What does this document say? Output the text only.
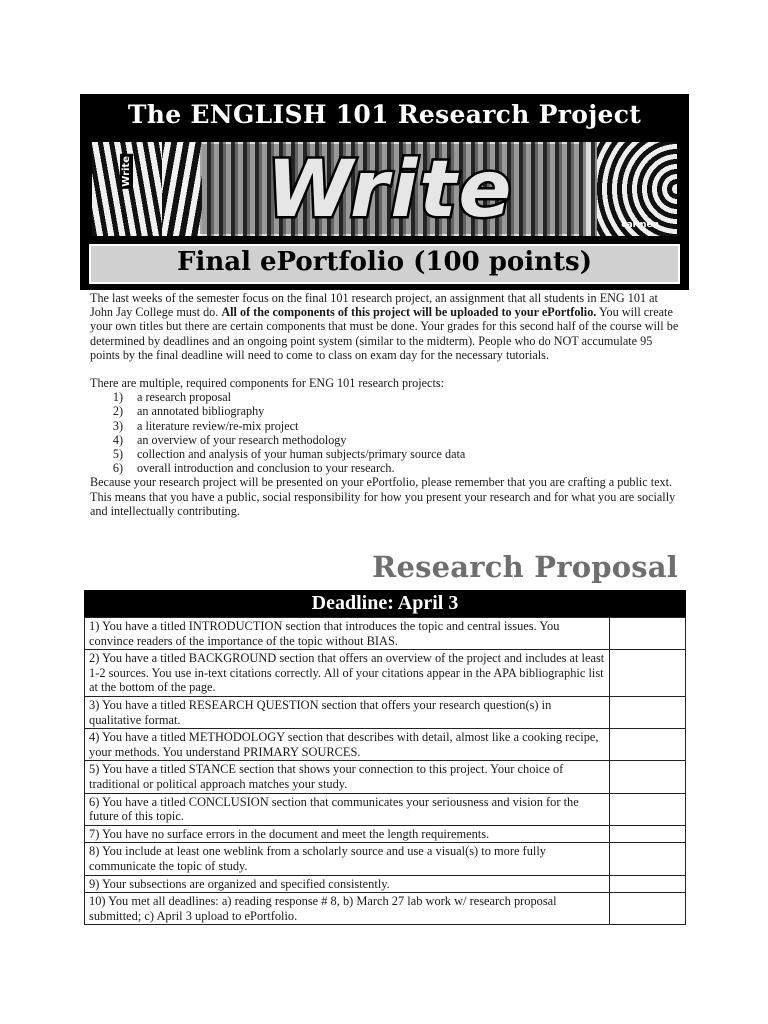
The ENGLISH 101 Research Project
Write
Write
carmen
Final ePortfolio (100 points)

The last weeks of the semester focus on the final 101 research project, an assignment that all students in ENG 101 at John Jay College must do. All of the components of this project will be uploaded to your ePortfolio. You will create your own titles but there are certain components that must be done. Your grades for this second half of the course will be determined by deadlines and an ongoing point system (similar to the midterm). People who do NOT accumulate 95 points by the final deadline will need to come to class on exam day for the necessary tutorials.

There are multiple, required components for ENG 101 research projects:

1. a research proposal
2. an annotated bibliography
3. a literature review/re-mix project
4. an overview of your research methodology
5. collection and analysis of your human subjects/primary source data
6. overall introduction and conclusion to your research.

Because your research project will be presented on your ePortfolio, please remember that you are crafting a public text. This means that you have a public, social responsibility for how you present your research and for what you are socially and intellectually contributing.

Research Proposal
Deadline: April 3
1) You have a titled INTRODUCTION section that introduces the topic and central issues. You convince readers of the importance of the topic without BIAS.	
2) You have a titled BACKGROUND section that offers an overview of the project and includes at least 1-2 sources. You use in-text citations correctly. All of your citations appear in the APA bibliographic list at the bottom of the page.	
3) You have a titled RESEARCH QUESTION section that offers your research question(s) in qualitative format.	
4) You have a titled METHODOLOGY section that describes with detail, almost like a cooking recipe, your methods. You understand PRIMARY SOURCES.	
5) You have a titled STANCE section that shows your connection to this project. Your choice of traditional or political approach matches your study.	
6) You have a titled CONCLUSION section that communicates your seriousness and vision for the future of this topic.	
7) You have no surface errors in the document and meet the length requirements.	
8) You include at least one weblink from a scholarly source and use a visual(s) to more fully communicate the topic of study.	
9) Your subsections are organized and specified consistently.	
10) You met all deadlines: a) reading response # 8, b) March 27 lab work w/ research proposal submitted; c) April 3 upload to ePortfolio.	
